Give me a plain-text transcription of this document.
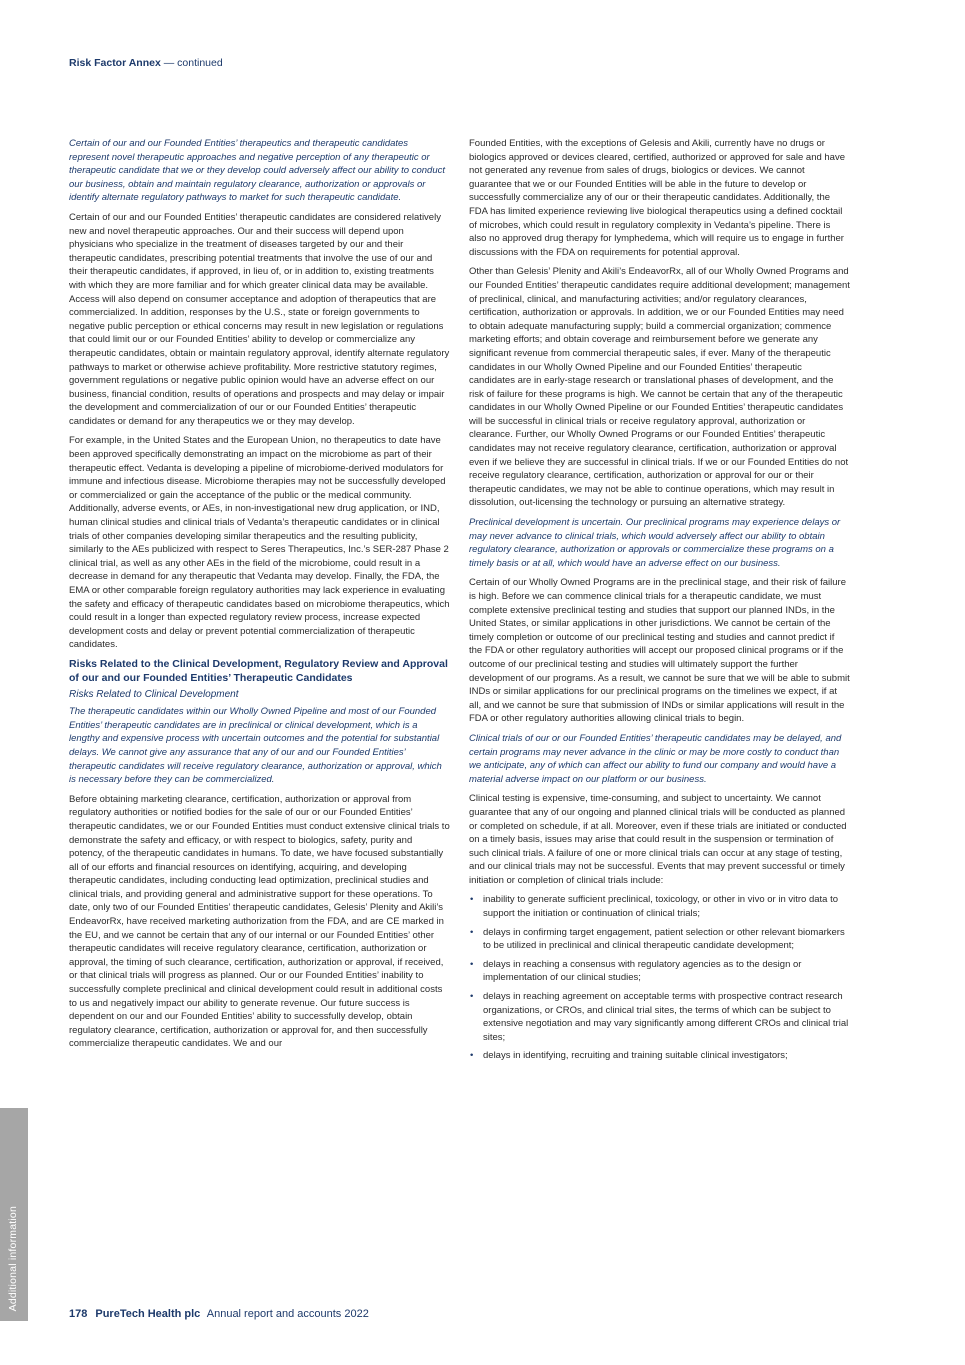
Risk Factor Annex — continued

Certain of our and our Founded Entities’ therapeutics and therapeutic candidates represent novel therapeutic approaches and negative perception of any therapeutic or therapeutic candidate that we or they develop could adversely affect our ability to conduct our business, obtain and maintain regulatory clearance, authorization or approvals or identify alternate regulatory pathways to market for such therapeutic candidate.

Certain of our and our Founded Entities’ therapeutic candidates are considered relatively new and novel therapeutic approaches. Our and their success will depend upon physicians who specialize in the treatment of diseases targeted by our and their therapeutic candidates, prescribing potential treatments that involve the use of our and their therapeutic candidates, if approved, in lieu of, or in addition to, existing treatments with which they are more familiar and for which greater clinical data may be available. Access will also depend on consumer acceptance and adoption of therapeutics that are commercialized. In addition, responses by the U.S., state or foreign governments to negative public perception or ethical concerns may result in new legislation or regulations that could limit our or our Founded Entities’ ability to develop or commercialize any therapeutic candidates, obtain or maintain regulatory approval, identify alternate regulatory pathways to market or otherwise achieve profitability. More restrictive statutory regimes, government regulations or negative public opinion would have an adverse effect on our business, financial condition, results of operations and prospects and may delay or impair the development and commercialization of our or our Founded Entities’ therapeutic candidates or demand for any therapeutics we or they may develop.

For example, in the United States and the European Union, no therapeutics to date have been approved specifically demonstrating an impact on the microbiome as part of their therapeutic effect. Vedanta is developing a pipeline of microbiome-derived modulators for immune and infectious disease. Microbiome therapies may not be successfully developed or commercialized or gain the acceptance of the public or the medical community. Additionally, adverse events, or AEs, in non-investigational new drug application, or IND, human clinical studies and clinical trials of Vedanta’s therapeutic candidates or in clinical trials of other companies developing similar therapeutics and the resulting publicity, similarly to the AEs publicized with respect to Seres Therapeutics, Inc.’s SER-287 Phase 2 clinical trial, as well as any other AEs in the field of the microbiome, could result in a decrease in demand for any therapeutic that Vedanta may develop. Finally, the FDA, the EMA or other comparable foreign regulatory authorities may lack experience in evaluating the safety and efficacy of therapeutic candidates based on microbiome therapeutics, which could result in a longer than expected regulatory review process, increase expected development costs and delay or prevent potential commercialization of therapeutic candidates.

Risks Related to the Clinical Development, Regulatory Review and Approval of our and our Founded Entities’ Therapeutic Candidates

Risks Related to Clinical Development

The therapeutic candidates within our Wholly Owned Pipeline and most of our Founded Entities’ therapeutic candidates are in preclinical or clinical development, which is a lengthy and expensive process with uncertain outcomes and the potential for substantial delays. We cannot give any assurance that any of our and our Founded Entities’ therapeutic candidates will receive regulatory clearance, authorization or approval, which is necessary before they can be commercialized.

Before obtaining marketing clearance, certification, authorization or approval from regulatory authorities or notified bodies for the sale of our or our Founded Entities’ therapeutic candidates, we or our Founded Entities must conduct extensive clinical trials to demonstrate the safety and efficacy, or with respect to biologics, safety, purity and potency, of the therapeutic candidates in humans. To date, we have focused substantially all of our efforts and financial resources on identifying, acquiring, and developing therapeutic candidates, including conducting lead optimization, preclinical studies and clinical trials, and providing general and administrative support for these operations. To date, only two of our Founded Entities’ therapeutic candidates, Gelesis’ Plenity and Akili’s EndeavorRx, have received marketing authorization from the FDA, and are CE marked in the EU, and we cannot be certain that any of our internal or our Founded Entities’ other therapeutic candidates will receive regulatory clearance, certification, authorization or approval, the timing of such clearance, certification, authorization or approval, if received, or that clinical trials will progress as planned. Our or our Founded Entities’ inability to successfully complete preclinical and clinical development could result in additional costs to us and negatively impact our ability to generate revenue. Our future success is dependent on our and our Founded Entities’ ability to successfully develop, obtain regulatory clearance, certification, authorization or approval for, and then successfully commercialize therapeutic candidates. We and our

Founded Entities, with the exceptions of Gelesis and Akili, currently have no drugs or biologics approved or devices cleared, certified, authorized or approved for sale and have not generated any revenue from sales of drugs, biologics or devices. We cannot guarantee that we or our Founded Entities will be able in the future to develop or successfully commercialize any of our or their therapeutic candidates. Additionally, the FDA has limited experience reviewing live biological therapeutics using a defined cocktail of microbes, which could result in regulatory complexity in Vedanta’s pipeline. There is also no approved drug therapy for lymphedema, which will require us to engage in further discussions with the FDA on requirements for potential approval.

Other than Gelesis’ Plenity and Akili’s EndeavorRx, all of our Wholly Owned Programs and our Founded Entities’ therapeutic candidates require additional development; management of preclinical, clinical, and manufacturing activities; and/or regulatory clearances, certification, authorization or approvals. In addition, we or our Founded Entities may need to obtain adequate manufacturing supply; build a commercial organization; commence marketing efforts; and obtain coverage and reimbursement before we generate any significant revenue from commercial therapeutic sales, if ever. Many of the therapeutic candidates in our Wholly Owned Pipeline and our Founded Entities’ therapeutic candidates are in early-stage research or translational phases of development, and the risk of failure for these programs is high. We cannot be certain that any of the therapeutic candidates in our Wholly Owned Pipeline or our Founded Entities’ therapeutic candidates will be successful in clinical trials or receive regulatory approval, authorization or clearance. Further, our Wholly Owned Programs or our Founded Entities’ therapeutic candidates may not receive regulatory clearance, certification, authorization or approval even if we believe they are successful in clinical trials. If we or our Founded Entities do not receive regulatory clearance, certification, authorization or approval for our or their therapeutic candidates, we may not be able to continue operations, which may result in dissolution, out-licensing the technology or pursuing an alternative strategy.

Preclinical development is uncertain. Our preclinical programs may experience delays or may never advance to clinical trials, which would adversely affect our ability to obtain regulatory clearance, authorization or approvals or commercialize these programs on a timely basis or at all, which would have an adverse effect on our business.

Certain of our Wholly Owned Programs are in the preclinical stage, and their risk of failure is high. Before we can commence clinical trials for a therapeutic candidate, we must complete extensive preclinical testing and studies that support our planned INDs, in the United States, or similar applications in other jurisdictions. We cannot be certain of the timely completion or outcome of our preclinical testing and studies and cannot predict if the FDA or other regulatory authorities will accept our proposed clinical programs or if the outcome of our preclinical testing and studies will ultimately support the further development of our programs. As a result, we cannot be sure that we will be able to submit INDs or similar applications for our preclinical programs on the timelines we expect, if at all, and we cannot be sure that submission of INDs or similar applications will result in the FDA or other regulatory authorities allowing clinical trials to begin.

Clinical trials of our or our Founded Entities’ therapeutic candidates may be delayed, and certain programs may never advance in the clinic or may be more costly to conduct than we anticipate, any of which can affect our ability to fund our company and would have a material adverse impact on our platform or our business.

Clinical testing is expensive, time-consuming, and subject to uncertainty. We cannot guarantee that any of our ongoing and planned clinical trials will be conducted as planned or completed on schedule, if at all. Moreover, even if these trials are initiated or conducted on a timely basis, issues may arise that could result in the suspension or termination of such clinical trials. A failure of one or more clinical trials can occur at any stage of testing, and our clinical trials may not be successful. Events that may prevent successful or timely initiation or completion of clinical trials include:

• inability to generate sufficient preclinical, toxicology, or other in vivo or in vitro data to support the initiation or continuation of clinical trials;
• delays in confirming target engagement, patient selection or other relevant biomarkers to be utilized in preclinical and clinical therapeutic candidate development;
• delays in reaching a consensus with regulatory agencies as to the design or implementation of our clinical studies;
• delays in reaching agreement on acceptable terms with prospective contract research organizations, or CROs, and clinical trial sites, the terms of which can be subject to extensive negotiation and may vary significantly among different CROs and clinical trial sites;
• delays in identifying, recruiting and training suitable clinical investigators;
Additional information
178 PureTech Health plc Annual report and accounts 2022
